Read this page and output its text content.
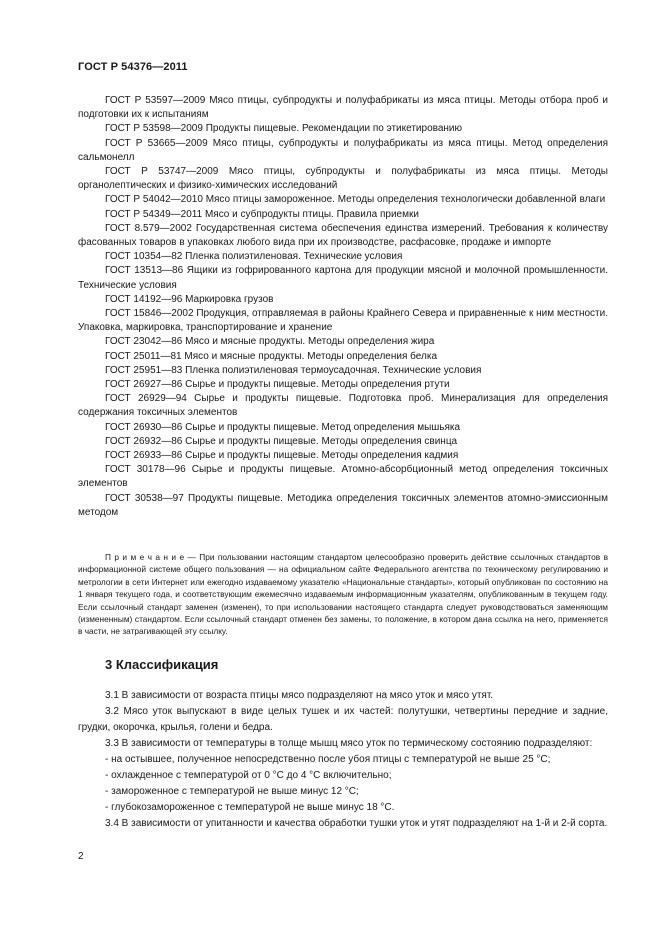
ГОСТ Р 54376—2011

ГОСТ Р 53597—2009 Мясо птицы, субпродукты и полуфабрикаты из мяса птицы. Методы отбора проб и подготовки их к испытаниям

ГОСТ Р 53598—2009 Продукты пищевые. Рекомендации по этикетированию

ГОСТ Р 53665—2009 Мясо птицы, субпродукты и полуфабрикаты из мяса птицы. Метод определения сальмонелл

ГОСТ Р 53747—2009 Мясо птицы, субпродукты и полуфабрикаты из мяса птицы. Методы органолептических и физико-химических исследований

ГОСТ Р 54042—2010 Мясо птицы замороженное. Методы определения технологически добавленной влаги

ГОСТ Р 54349—2011 Мясо и субпродукты птицы. Правила приемки

ГОСТ 8.579—2002 Государственная система обеспечения единства измерений. Требования к количеству фасованных товаров в упаковках любого вида при их производстве, расфасовке, продаже и импорте

ГОСТ 10354—82 Пленка полиэтиленовая. Технические условия

ГОСТ 13513—86 Ящики из гофрированного картона для продукции мясной и молочной промышленности. Технические условия

ГОСТ 14192—96 Маркировка грузов

ГОСТ 15846—2002 Продукция, отправляемая в районы Крайнего Севера и приравненные к ним местности. Упаковка, маркировка, транспортирование и хранение

ГОСТ 23042—86 Мясо и мясные продукты. Методы определения жира

ГОСТ 25011—81 Мясо и мясные продукты. Методы определения белка

ГОСТ 25951—83 Пленка полиэтиленовая термоусадочная. Технические условия

ГОСТ 26927—86 Сырье и продукты пищевые. Методы определения ртути

ГОСТ 26929—94 Сырье и продукты пищевые. Подготовка проб. Минерализация для определения содержания токсичных элементов

ГОСТ 26930—86 Сырье и продукты пищевые. Метод определения мышьяка

ГОСТ 26932—86 Сырье и продукты пищевые. Методы определения свинца

ГОСТ 26933—86 Сырье и продукты пищевые. Методы определения кадмия

ГОСТ 30178—96 Сырье и продукты пищевые. Атомно-абсорбционный метод определения токсичных элементов

ГОСТ 30538—97 Продукты пищевые. Методика определения токсичных элементов атомно-эмиссионным методом

П р и м е ч а н и е — При пользовании настоящим стандартом целесообразно проверить действие ссылочных стандартов в информационной системе общего пользования — на официальном сайте Федерального агентства по техническому регулированию и метрологии в сети Интернет или ежегодно издаваемому указателю «Национальные стандарты», который опубликован по состоянию на 1 января текущего года, и соответствующим ежемесячно издаваемым информационным указателям, опубликованным в текущем году. Если ссылочный стандарт заменен (изменен), то при использовании настоящего стандарта следует руководствоваться заменяющим (измененным) стандартом. Если ссылочный стандарт отменен без замены, то положение, в котором дана ссылка на него, применяется в части, не затрагивающей эту ссылку.

3 Классификация

3.1 В зависимости от возраста птицы мясо подразделяют на мясо уток и мясо утят.

3.2 Мясо уток выпускают в виде целых тушек и их частей: полутушки, четвертины передние и задние, грудки, окорочка, крылья, голени и бедра.

3.3 В зависимости от температуры в толще мышц мясо уток по термическому состоянию подразделяют:

- на остывшее, полученное непосредственно после убоя птицы с температурой не выше 25 °С;

- охлажденное с температурой от 0 °С до 4 °С включительно;

- замороженное с температурой не выше минус 12 °С;

- глубокозамороженное с температурой не выше минус 18 °С.

3.4 В зависимости от упитанности и качества обработки тушки уток и утят подразделяют на 1-й и 2-й сорта.

2
